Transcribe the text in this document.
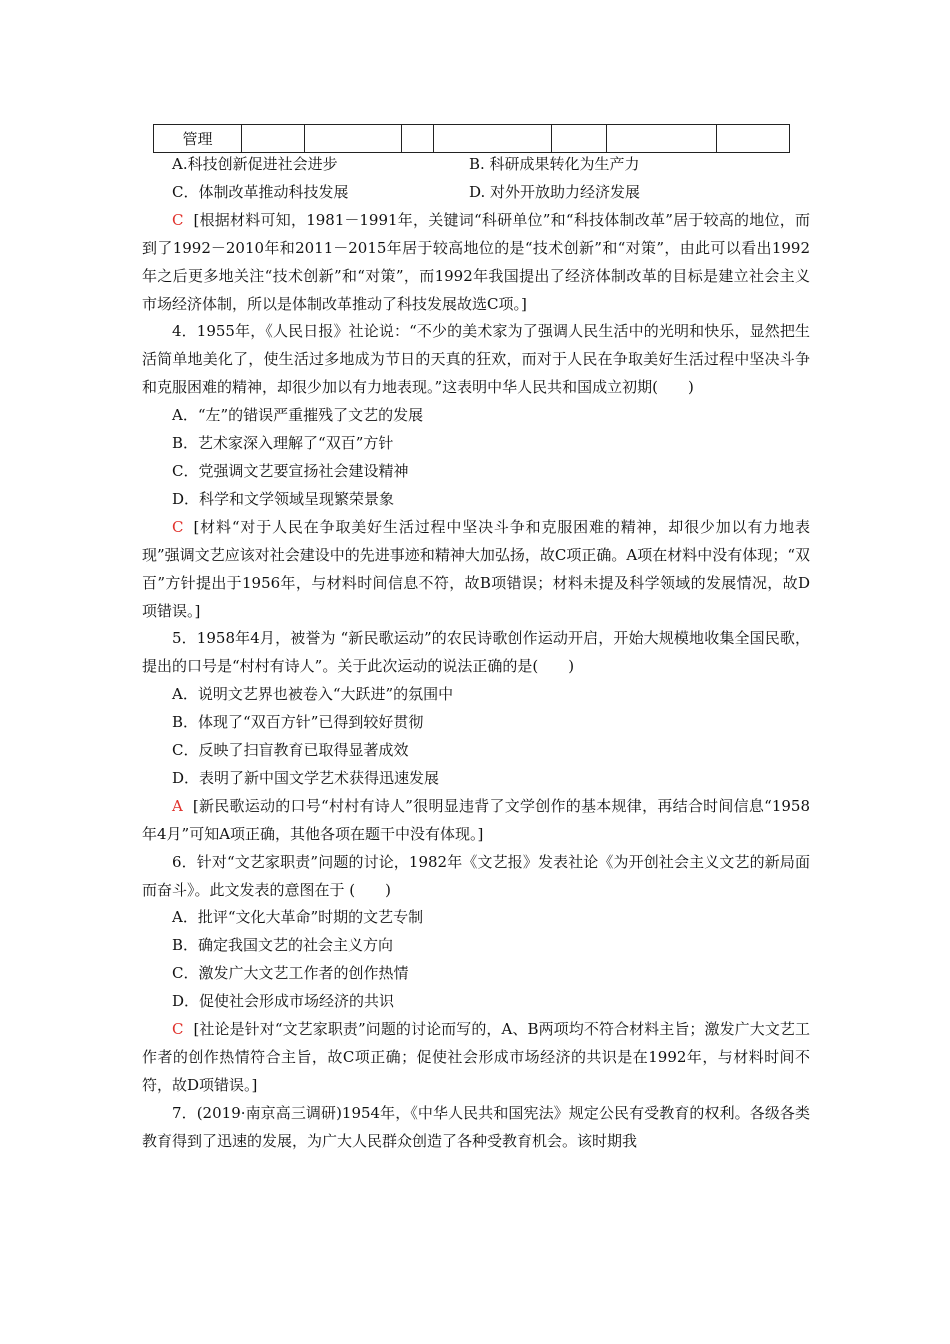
管理							
A.科技创新促进社会进步	B. 科研成果转化为生产力
C．体制改革推动科技发展	D. 对外开放助力经济发展
C [根据材料可知，1981－1991年，关键词“科研单位”和“科技体制改革”居于较高的地位，而到了1992－2010年和2011－2015年居于较高地位的是“技术创新”和“对策”，由此可以看出1992年之后更多地关注“技术创新”和“对策”，而1992年我国提出了经济体制改革的目标是建立社会主义市场经济体制，所以是体制改革推动了科技发展故选C项。]
4．1955年，《人民日报》社论说：“不少的美术家为了强调人民生活中的光明和快乐，显然把生活简单地美化了，使生活过多地成为节日的天真的狂欢，而对于人民在争取美好生活过程中坚决斗争和克服困难的精神，却很少加以有力地表现。”这表明中华人民共和国成立初期(　　)
A．“左”的错误严重摧残了文艺的发展
B．艺术家深入理解了“双百”方针
C．党强调文艺要宣扬社会建设精神
D．科学和文学领域呈现繁荣景象
C [材料“对于人民在争取美好生活过程中坚决斗争和克服困难的精神，却很少加以有力地表现”强调文艺应该对社会建设中的先进事迹和精神大加弘扬，故C项正确。A项在材料中没有体现；“双百”方针提出于1956年，与材料时间信息不符，故B项错误；材料未提及科学领域的发展情况，故D项错误。]
5．1958年4月，被誉为 “新民歌运动”的农民诗歌创作运动开启，开始大规模地收集全国民歌，提出的口号是“村村有诗人”。关于此次运动的说法正确的是(　　)
A．说明文艺界也被卷入“大跃进”的氛围中
B．体现了“双百方针”已得到较好贯彻
C．反映了扫盲教育已取得显著成效
D．表明了新中国文学艺术获得迅速发展
A [新民歌运动的口号“村村有诗人”很明显违背了文学创作的基本规律，再结合时间信息“1958年4月”可知A项正确，其他各项在题干中没有体现。]
6．针对“文艺家职责”问题的讨论，1982年《文艺报》发表社论《为开创社会主义文艺的新局面而奋斗》。此文发表的意图在于 (　　)
A．批评“文化大革命”时期的文艺专制
B．确定我国文艺的社会主义方向
C．激发广大文艺工作者的创作热情
D．促使社会形成市场经济的共识
C [社论是针对“文艺家职责”问题的讨论而写的，A、B两项均不符合材料主旨；激发广大文艺工作者的创作热情符合主旨，故C项正确；促使社会形成市场经济的共识是在1992年，与材料时间不符，故D项错误。]
7．(2019·南京高三调研)1954年，《中华人民共和国宪法》规定公民有受教育的权利。各级各类教育得到了迅速的发展，为广大人民群众创造了各种受教育机会。该时期我
